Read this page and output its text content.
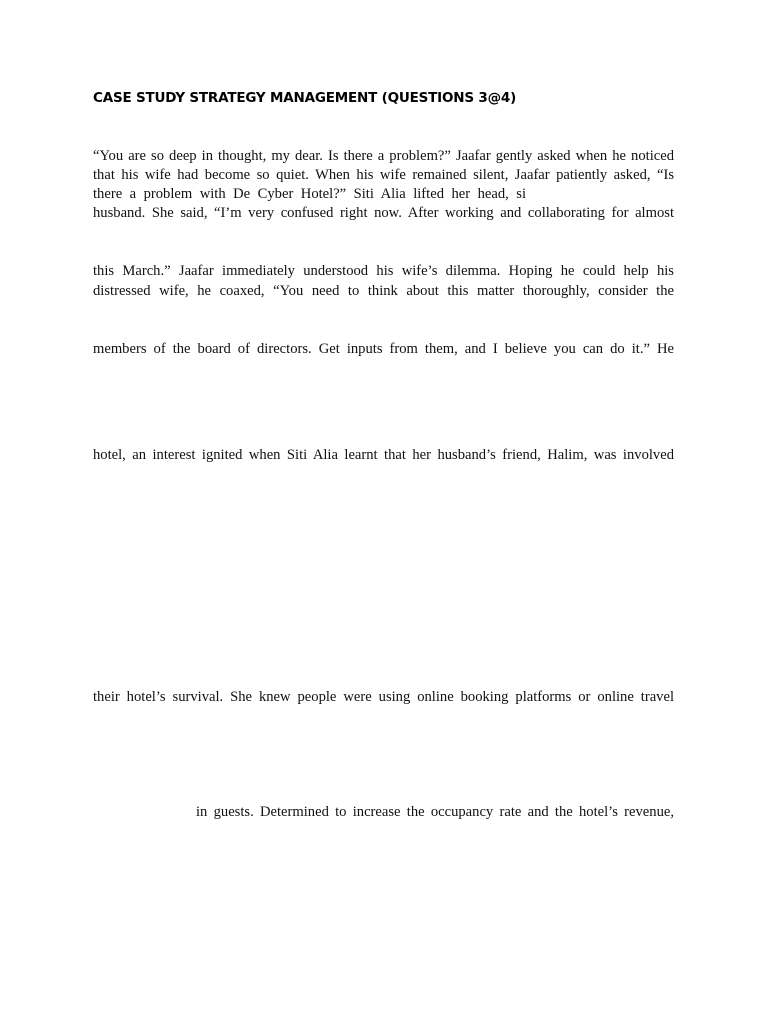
CASE STUDY STRATEGY MANAGEMENT (QUESTIONS 3@4)
“You are so deep in thought, my dear. Is there a problem?” Jaafar gently asked when he noticed
that his wife had become so quiet. When his wife remained silent, Jaafar patiently asked, “Is
there a problem with De Cyber Hotel?” Siti Alia lifted her head, si
husband. She said, “I’m very confused right now. After working and collaborating for almost
this March.” Jaafar immediately understood his wife’s dilemma. Hoping he could help his
distressed wife, he coaxed, “You need to think about this matter thoroughly, consider the
members of the board of directors. Get inputs from them, and I believe you can do it.” He
hotel, an interest ignited when Siti Alia learnt that her husband’s friend, Halim, was involved
their hotel’s survival. She knew people were using online booking platforms or online travel
in guests. Determined to increase the occupancy rate and the hotel’s revenue,
